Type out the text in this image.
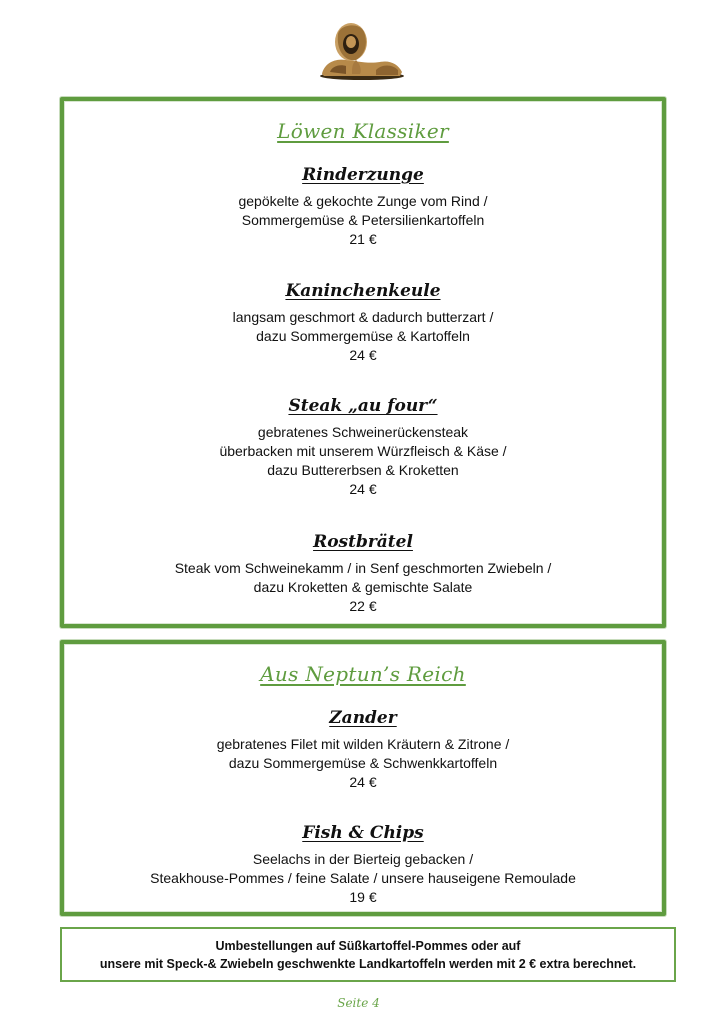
Löwen Klassiker
Rinderzunge
gepökelte & gekochte Zunge vom Rind /
Sommergemüse & Petersilienkartoffeln
21 €
Kaninchenkeule
langsam geschmort & dadurch butterzart /
dazu Sommergemüse & Kartoffeln
24 €
Steak „au four“
gebratenes Schweinerückensteak
überbacken mit unserem Würzfleisch & Käse /
dazu Buttererbsen & Kroketten
24 €
Rostbrätel
Steak vom Schweinekamm / in Senf geschmorten Zwiebeln /
dazu Kroketten & gemischte Salate
22 €
Aus Neptun’s Reich
Zander
gebratenes Filet mit wilden Kräutern & Zitrone /
dazu Sommergemüse & Schwenkkartoffeln
24 €
Fish & Chips
Seelachs in der Bierteig gebacken /
Steakhouse-Pommes / feine Salate / unsere hauseigene Remoulade
19 €
Umbestellungen auf Süßkartoffel-Pommes oder auf
unsere mit Speck-& Zwiebeln geschwenkte Landkartoffeln werden mit 2 € extra berechnet.
Seite 4
